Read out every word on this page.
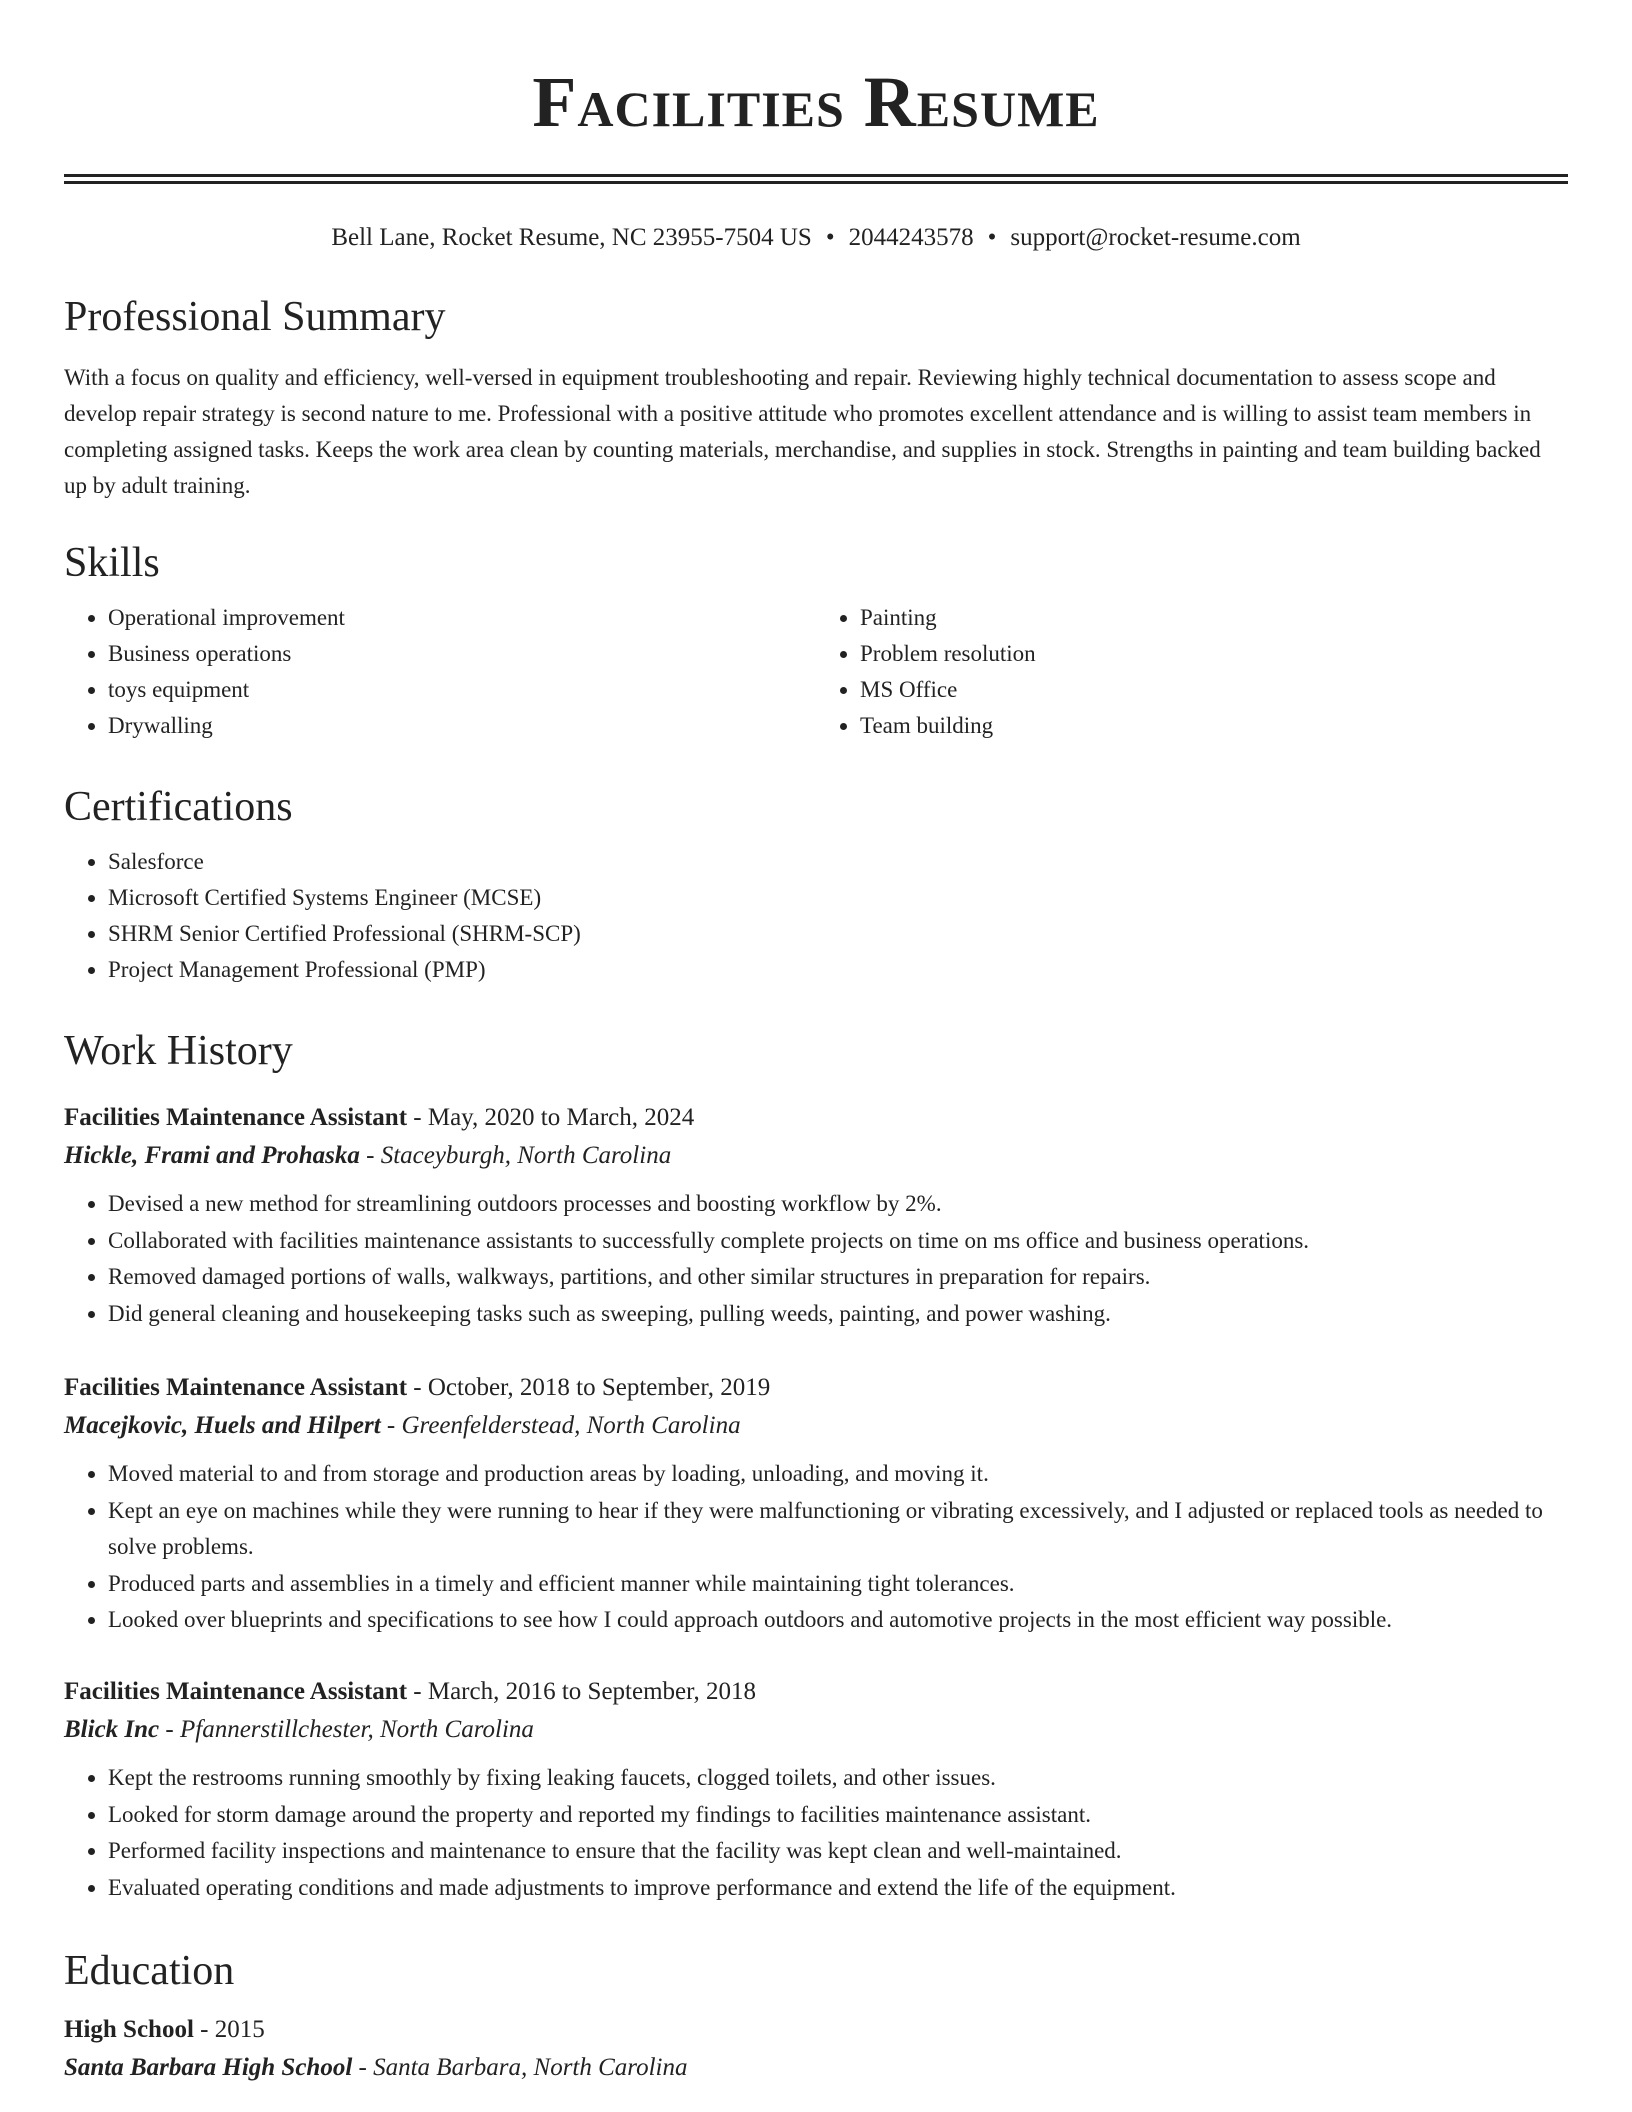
Facilities Resume
Bell Lane, Rocket Resume, NC 23955-7504 US • 2044243578 • support@rocket-resume.com
Professional Summary

With a focus on quality and efficiency, well-versed in equipment troubleshooting and repair. Reviewing highly technical documentation to assess scope and develop repair strategy is second nature to me. Professional with a positive attitude who promotes excellent attendance and is willing to assist team members in completing assigned tasks. Keeps the work area clean by counting materials, merchandise, and supplies in stock. Strengths in painting and team building backed up by adult training.

Skills
• Operational improvement
• Business operations
• toys equipment
• Drywalling
• Painting
• Problem resolution
• MS Office
• Team building
Certifications
• Salesforce
• Microsoft Certified Systems Engineer (MCSE)
• SHRM Senior Certified Professional (SHRM-SCP)
• Project Management Professional (PMP)
Work History
Facilities Maintenance Assistant - May, 2020 to March, 2024
Hickle, Frami and Prohaska - Staceyburgh, North Carolina
• Devised a new method for streamlining outdoors processes and boosting workflow by 2%.
• Collaborated with facilities maintenance assistants to successfully complete projects on time on ms office and business operations.
• Removed damaged portions of walls, walkways, partitions, and other similar structures in preparation for repairs.
• Did general cleaning and housekeeping tasks such as sweeping, pulling weeds, painting, and power washing.
Facilities Maintenance Assistant - October, 2018 to September, 2019
Macejkovic, Huels and Hilpert - Greenfelderstead, North Carolina
• Moved material to and from storage and production areas by loading, unloading, and moving it.
• Kept an eye on machines while they were running to hear if they were malfunctioning or vibrating excessively, and I adjusted or replaced tools as needed to solve problems.
• Produced parts and assemblies in a timely and efficient manner while maintaining tight tolerances.
• Looked over blueprints and specifications to see how I could approach outdoors and automotive projects in the most efficient way possible.
Facilities Maintenance Assistant - March, 2016 to September, 2018
Blick Inc - Pfannerstillchester, North Carolina
• Kept the restrooms running smoothly by fixing leaking faucets, clogged toilets, and other issues.
• Looked for storm damage around the property and reported my findings to facilities maintenance assistant.
• Performed facility inspections and maintenance to ensure that the facility was kept clean and well-maintained.
• Evaluated operating conditions and made adjustments to improve performance and extend the life of the equipment.
Education
High School - 2015
Santa Barbara High School - Santa Barbara, North Carolina
